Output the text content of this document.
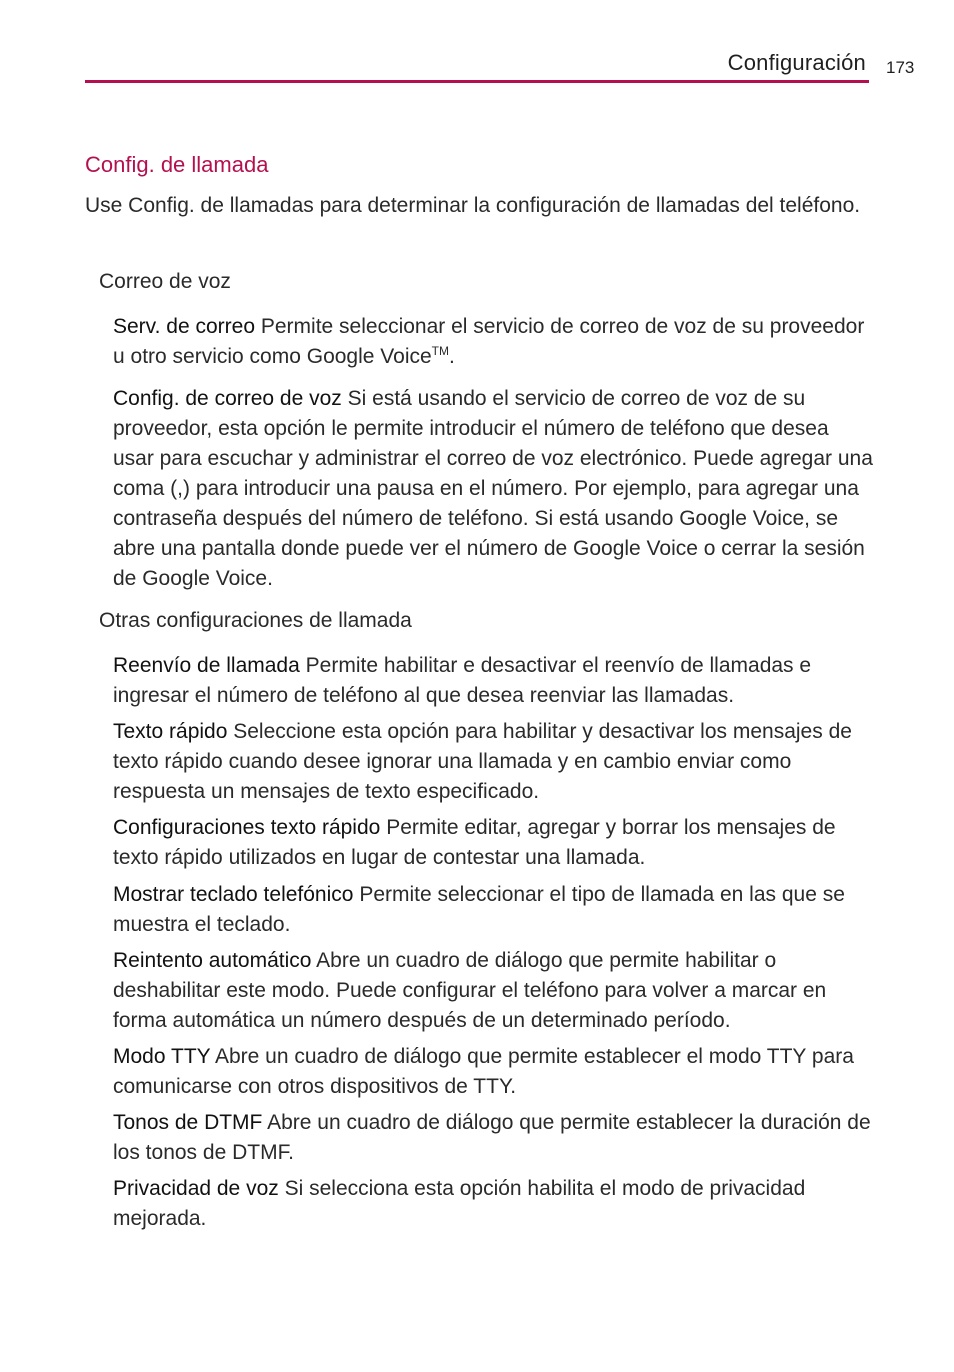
Configuración 173
Config. de llamada

Use Config. de llamadas para determinar la configuración de llamadas del teléfono.

Correo de voz

Serv. de correo Permite seleccionar el servicio de correo de voz de su proveedor u otro servicio como Google Voice™.

Config. de correo de voz Si está usando el servicio de correo de voz de su proveedor, esta opción le permite introducir el número de teléfono que desea usar para escuchar y administrar el correo de voz electrónico. Puede agregar una coma (,) para introducir una pausa en el número. Por ejemplo, para agregar una contraseña después del número de teléfono. Si está usando Google Voice, se abre una pantalla donde puede ver el número de Google Voice o cerrar la sesión de Google Voice.

Otras configuraciones de llamada

Reenvío de llamada Permite habilitar e desactivar el reenvío de llamadas e ingresar el número de teléfono al que desea reenviar las llamadas.

Texto rápido Seleccione esta opción para habilitar y desactivar los mensajes de texto rápido cuando desee ignorar una llamada y en cambio enviar como respuesta un mensajes de texto especificado.

Configuraciones texto rápido Permite editar, agregar y borrar los mensajes de texto rápido utilizados en lugar de contestar una llamada.

Mostrar teclado telefónico Permite seleccionar el tipo de llamada en las que se muestra el teclado.

Reintento automático Abre un cuadro de diálogo que permite habilitar o deshabilitar este modo. Puede configurar el teléfono para volver a marcar en forma automática un número después de un determinado período.

Modo TTY Abre un cuadro de diálogo que permite establecer el modo TTY para comunicarse con otros dispositivos de TTY.

Tonos de DTMF Abre un cuadro de diálogo que permite establecer la duración de los tonos de DTMF.

Privacidad de voz Si selecciona esta opción habilita el modo de privacidad mejorada.
